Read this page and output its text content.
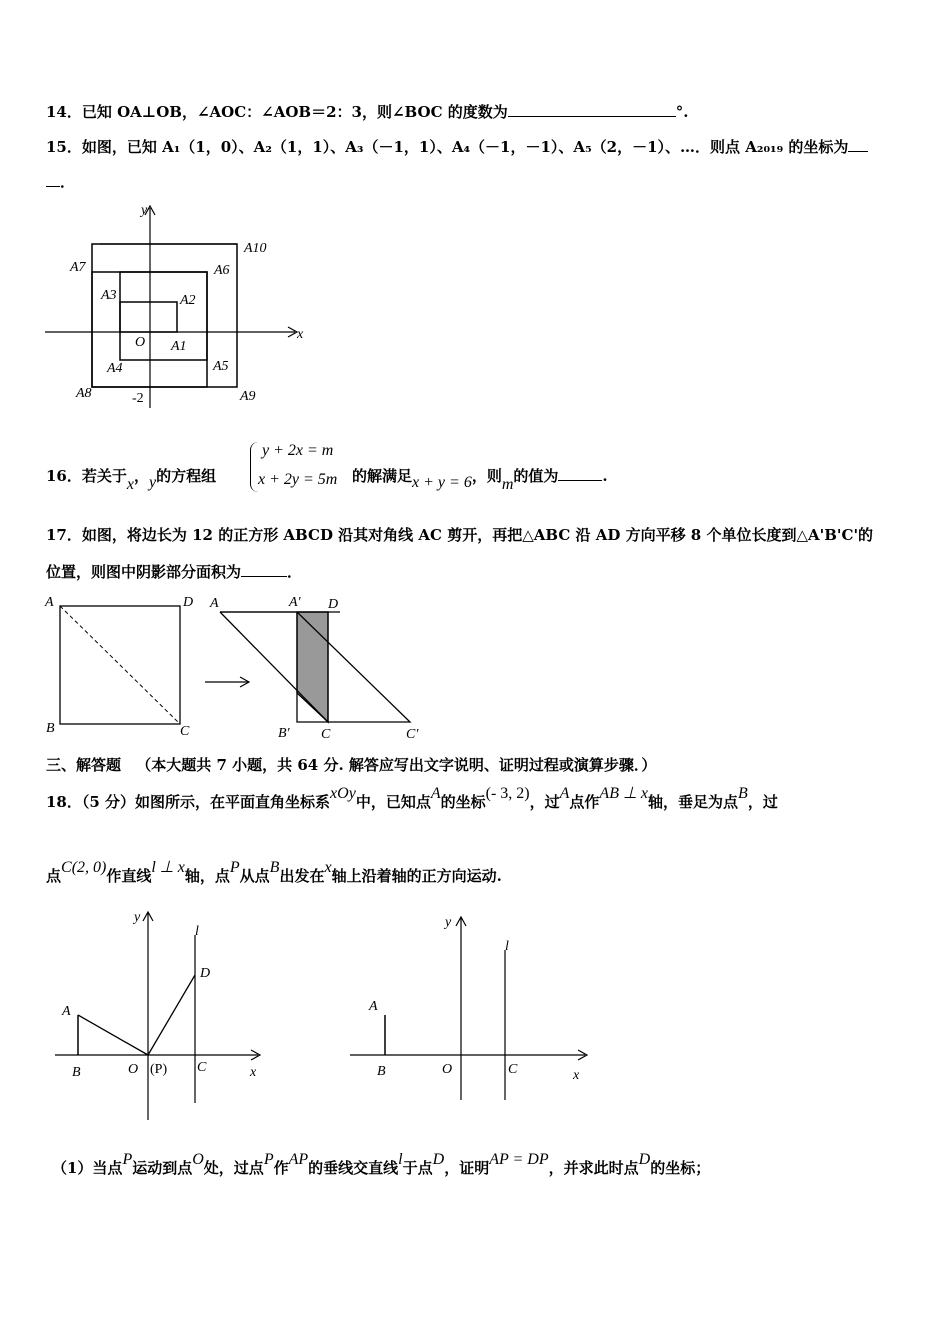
14．已知 OA⊥OB，∠AOC：∠AOB＝2：3，则∠BOC 的度数为	°.
15．如图，已知 A₁（1，0）、A₂（1，1）、A₃（－1，1）、A₄（－1，－1）、A₅（2，－1）、…．则点 A₂₀₁₉ 的坐标为
．
y
x
O A1
A2
A3
A4	A5
A6
A7
A8	A9
A10
-2
16．若关于x，y的方程组
y + 2x = m
x + 2y = 5m 的解满足x + y = 6，则m的值为	.
17．如图，将边长为 12 的正方形 ABCD 沿其对角线 AC 剪开，再把△ABC 沿 AD 方向平移 8 个单位长度到△A'B'C'的
位置，则图中阴影部分面积为	．
A	D
B	C
A	A′ D
B′ C	C′
三、解答题 （本大题共 7 小题，共 64 分. 解答应写出文字说明、证明过程或演算步骤．）
18．（5 分）如图所示，在平面直角坐标系xOy中，已知点A的坐标(- 3, 2)，过A点作AB ⊥ x轴，垂足为点B，过
点C(2, 0)作直线l ⊥ x轴，点P从点B出发在x轴上沿着轴的正方向运动.
y
l
D
A
B	O (P) C	x
y
l
A
B	O	C	x
（1）当点P运动到点O处，过点P作AP的垂线交直线l于点D，证明AP = DP，并求此时点D的坐标；
